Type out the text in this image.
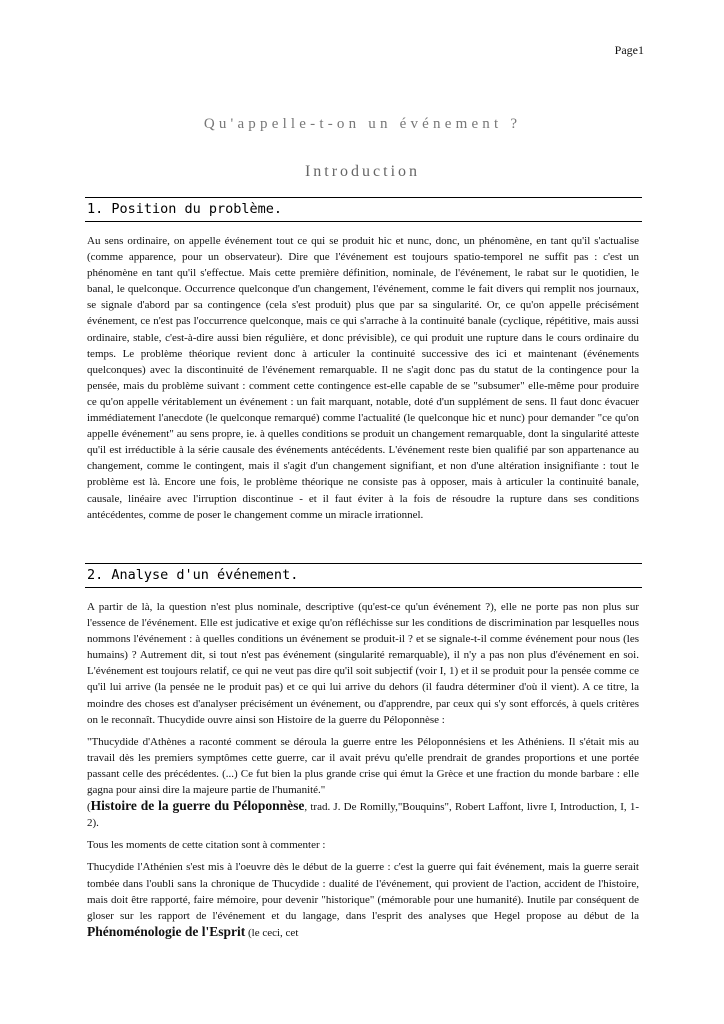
Page1
Qu'appelle-t-on un événement ?
Introduction
1. Position du problème.

Au sens ordinaire, on appelle événement tout ce qui se produit hic et nunc, donc, un phénomène, en tant qu'il s'actualise (comme apparence, pour un observateur). Dire que l'événement est toujours spatio-temporel ne suffit pas : c'est un phénomène en tant qu'il s'effectue. Mais cette première définition, nominale, de l'événement, le rabat sur le quotidien, le banal, le quelconque. Occurrence quelconque d'un changement, l'événement, comme le fait divers qui remplit nos journaux, se signale d'abord par sa contingence (cela s'est produit) plus que par sa singularité. Or, ce qu'on appelle précisément événement, ce n'est pas l'occurrence quelconque, mais ce qui s'arrache à la continuité banale (cyclique, répétitive, mais aussi ordinaire, stable, c'est-à-dire aussi bien régulière, et donc prévisible), ce qui produit une rupture dans le cours ordinaire du temps. Le problème théorique revient donc à articuler la continuité successive des ici et maintenant (événements quelconques) avec la discontinuité de l'événement remarquable. Il ne s'agit donc pas du statut de la contingence pour la pensée, mais du problème suivant : comment cette contingence est-elle capable de se "subsumer" elle-même pour produire ce qu'on appelle véritablement un événement : un fait marquant, notable, doté d'un supplément de sens. Il faut donc évacuer immédiatement l'anecdote (le quelconque remarqué) comme l'actualité (le quelconque hic et nunc) pour demander "ce qu'on appelle événement" au sens propre, ie. à quelles conditions se produit un changement remarquable, dont la singularité atteste qu'il est irréductible à la série causale des événements antécédents. L'événement reste bien qualifié par son appartenance au changement, comme le contingent, mais il s'agit d'un changement signifiant, et non d'une altération insignifiante : tout le problème est là. Encore une fois, le problème théorique ne consiste pas à opposer, mais à articuler la continuité banale, causale, linéaire avec l'irruption discontinue - et il faut éviter à la fois de résoudre la rupture dans ses conditions antécédentes, comme de poser le changement comme un miracle irrationnel.

2. Analyse d'un événement.

A partir de là, la question n'est plus nominale, descriptive (qu'est-ce qu'un événement ?), elle ne porte pas non plus sur l'essence de l'événement. Elle est judicative et exige qu'on réfléchisse sur les conditions de discrimination par lesquelles nous nommons l'événement : à quelles conditions un événement se produit-il ? et se signale-t-il comme événement pour nous (les humains) ? Autrement dit, si tout n'est pas événement (singularité remarquable), il n'y a pas non plus d'événement en soi. L'événement est toujours relatif, ce qui ne veut pas dire qu'il soit subjectif (voir I, 1) et il se produit pour la pensée comme ce qu'il lui arrive (la pensée ne le produit pas) et ce qui lui arrive du dehors (il faudra déterminer d'où il vient). A ce titre, la moindre des choses est d'analyser précisément un événement, ou d'apprendre, par ceux qui s'y sont efforcés, à quels critères on le reconnaît. Thucydide ouvre ainsi son Histoire de la guerre du Péloponnèse :

"Thucydide d'Athènes a raconté comment se déroula la guerre entre les Péloponnésiens et les Athéniens. Il s'était mis au travail dès les premiers symptômes cette guerre, car il avait prévu qu'elle prendrait de grandes proportions et une portée passant celle des précédentes. (...) Ce fut bien la plus grande crise qui émut la Grèce et une fraction du monde barbare : elle gagna pour ainsi dire la majeure partie de l'humanité."
(Histoire de la guerre du Péloponnèse, trad. J. De Romilly,"Bouquins", Robert Laffont, livre I, Introduction, I, 1-2).

Tous les moments de cette citation sont à commenter :

Thucydide l'Athénien s'est mis à l'oeuvre dès le début de la guerre : c'est la guerre qui fait événement, mais la guerre serait tombée dans l'oubli sans la chronique de Thucydide : dualité de l'événement, qui provient de l'action, accident de l'histoire, mais doit être rapporté, faire mémoire, pour devenir "historique" (mémorable pour une humanité). Inutile par conséquent de gloser sur les rapport de l'événement et du langage, dans l'esprit des analyses que Hegel propose au début de la Phénoménologie de l'Esprit (le ceci, cet
